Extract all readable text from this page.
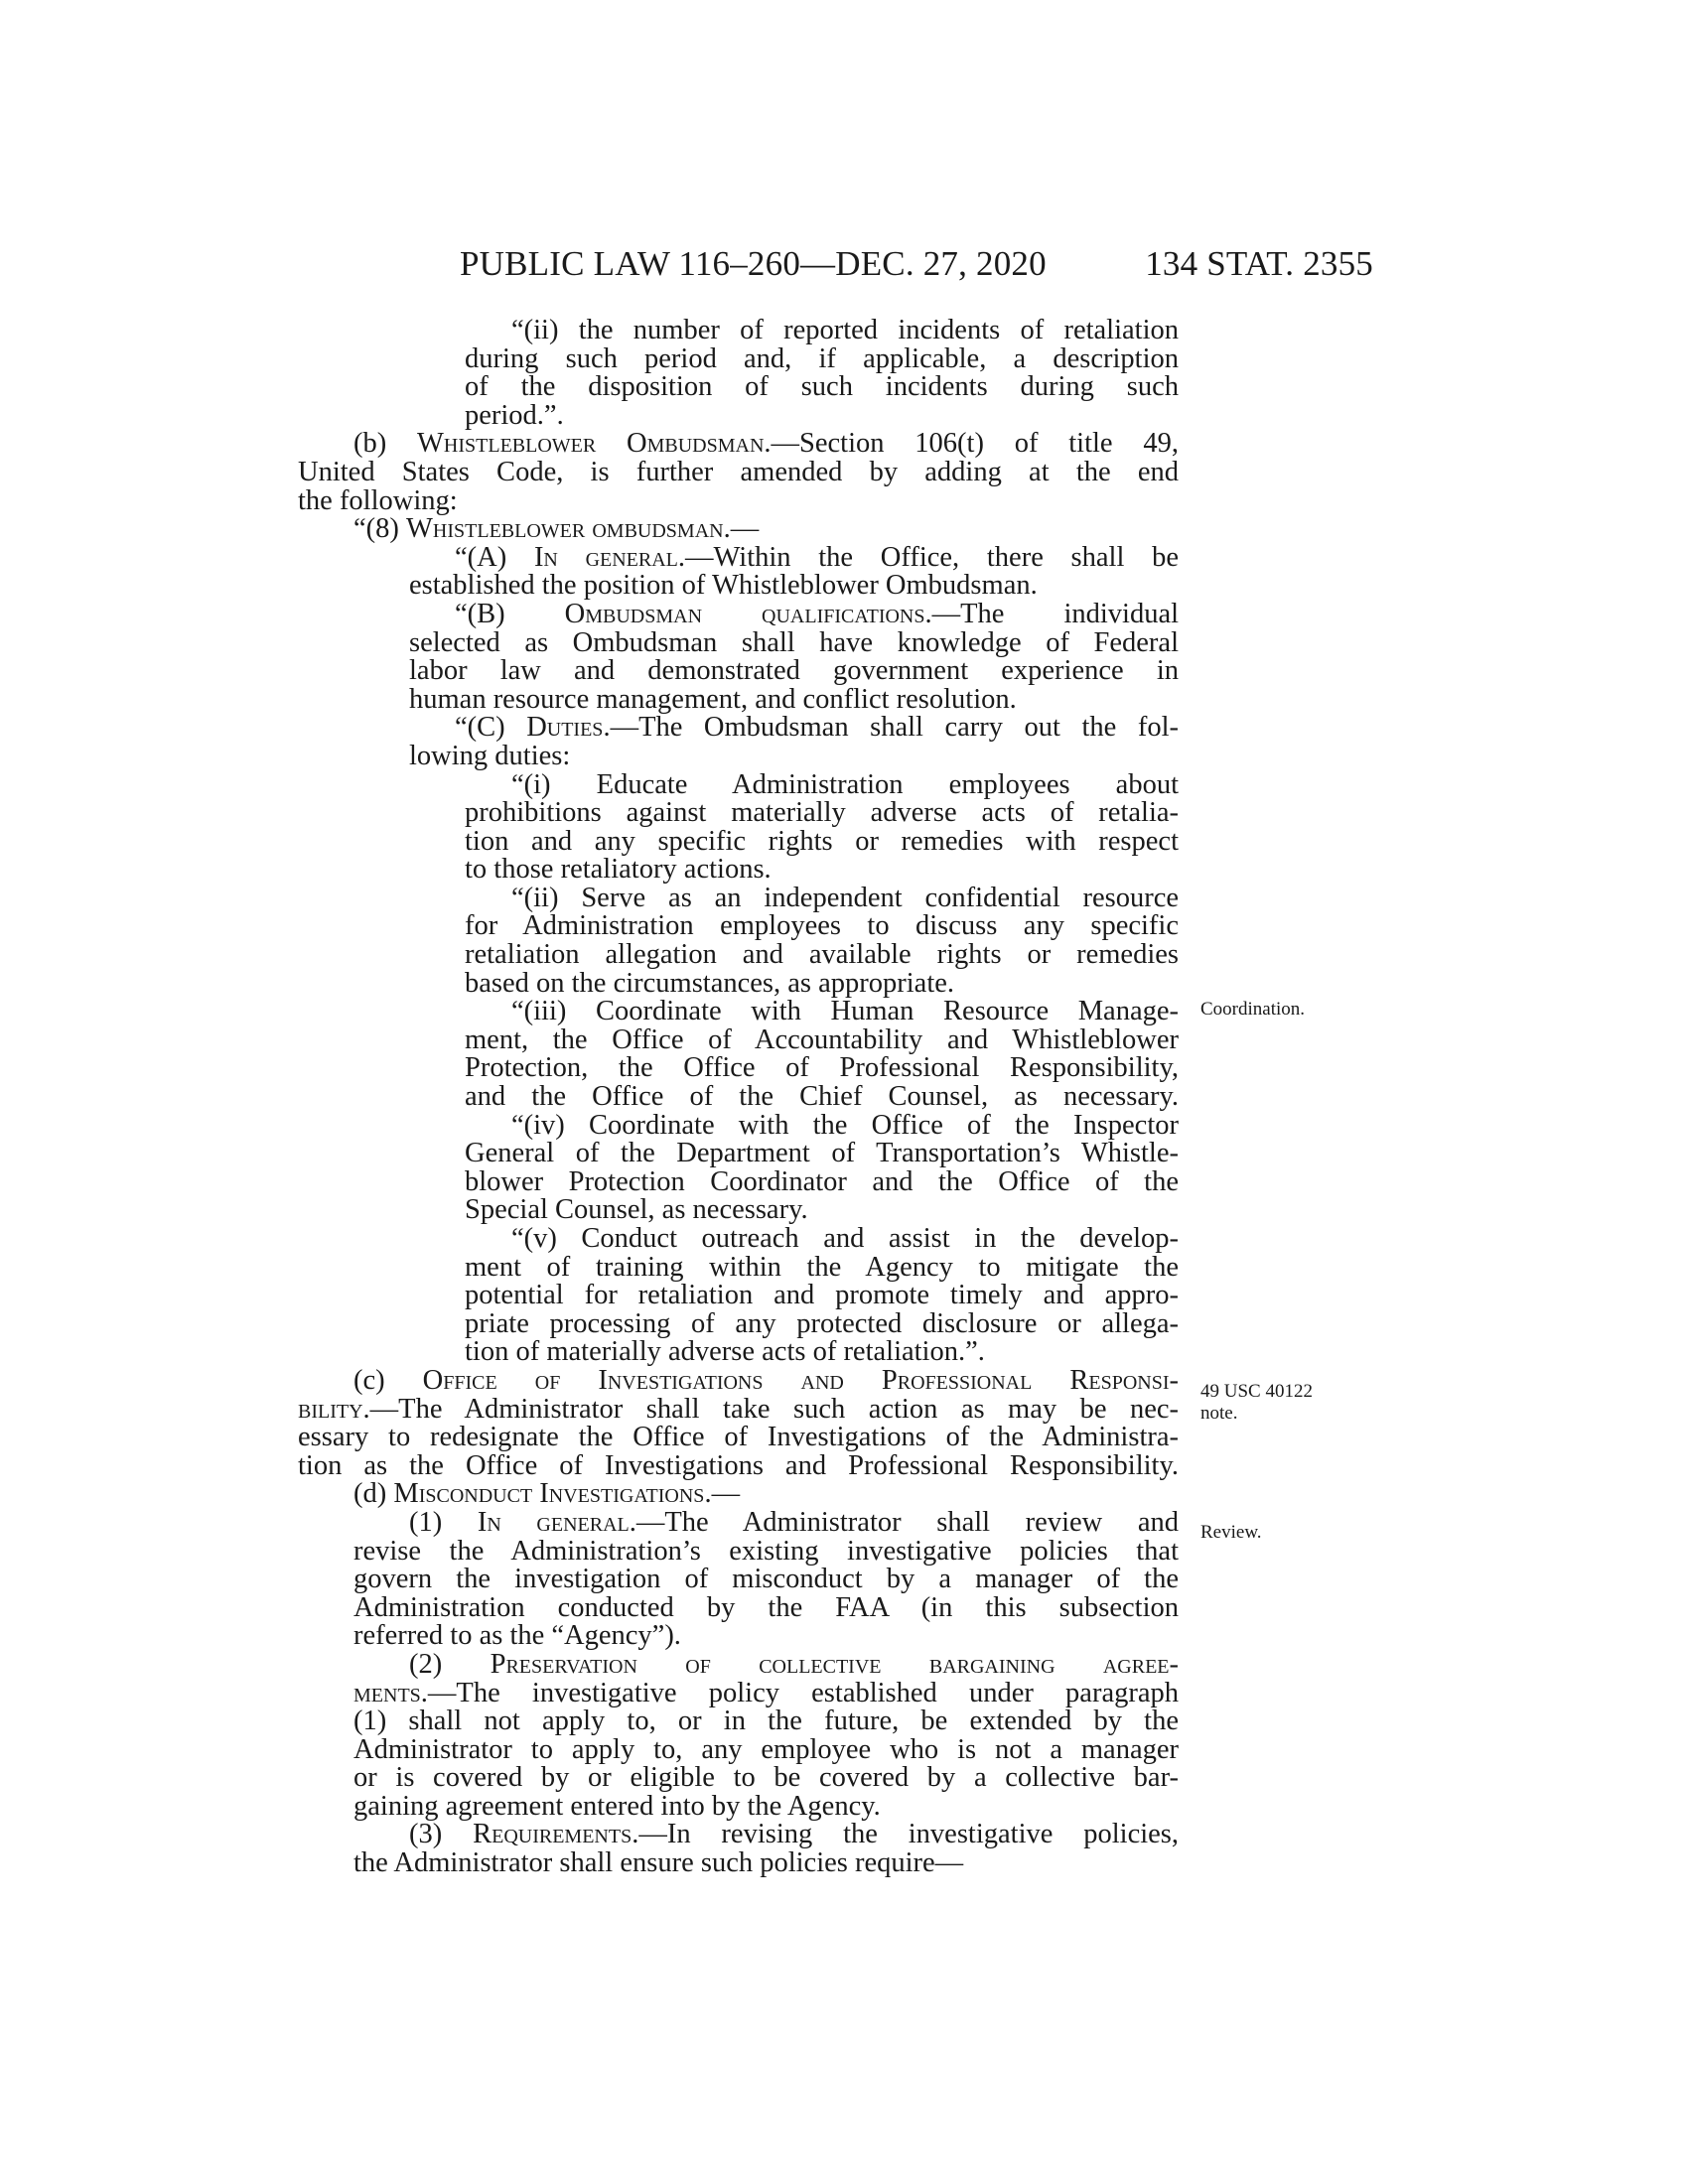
PUBLIC LAW 116–260—DEC. 27, 2020	134 STAT. 2355
Coordination.
49 USC 40122
note.
Review.
“(ii) the number of reported incidents of retaliation
during such period and, if applicable, a description
of the disposition of such incidents during such
period.”.
(b) Whistleblower Ombudsman.—Section 106(t) of title 49,
United States Code, is further amended by adding at the end
the following:
“(8) Whistleblower ombudsman.—
“(A) In general.—Within the Office, there shall be
established the position of Whistleblower Ombudsman.
“(B) Ombudsman qualifications.—The individual
selected as Ombudsman shall have knowledge of Federal
labor law and demonstrated government experience in
human resource management, and conflict resolution.
“(C) Duties.—The Ombudsman shall carry out the fol-
lowing duties:
“(i) Educate Administration employees about
prohibitions against materially adverse acts of retalia-
tion and any specific rights or remedies with respect
to those retaliatory actions.
“(ii) Serve as an independent confidential resource
for Administration employees to discuss any specific
retaliation allegation and available rights or remedies
based on the circumstances, as appropriate.
“(iii) Coordinate with Human Resource Manage-
ment, the Office of Accountability and Whistleblower
Protection, the Office of Professional Responsibility,
and the Office of the Chief Counsel, as necessary.
“(iv) Coordinate with the Office of the Inspector
General of the Department of Transportation’s Whistle-
blower Protection Coordinator and the Office of the
Special Counsel, as necessary.
“(v) Conduct outreach and assist in the develop-
ment of training within the Agency to mitigate the
potential for retaliation and promote timely and appro-
priate processing of any protected disclosure or allega-
tion of materially adverse acts of retaliation.”.
(c) Office of Investigations and Professional Responsi-
bility.—The Administrator shall take such action as may be nec-
essary to redesignate the Office of Investigations of the Administra-
tion as the Office of Investigations and Professional Responsibility.
(d) Misconduct Investigations.—
(1) In general.—The Administrator shall review and
revise the Administration’s existing investigative policies that
govern the investigation of misconduct by a manager of the
Administration conducted by the FAA (in this subsection
referred to as the “Agency”).
(2) Preservation of collective bargaining agree-
ments.—The investigative policy established under paragraph
(1) shall not apply to, or in the future, be extended by the
Administrator to apply to, any employee who is not a manager
or is covered by or eligible to be covered by a collective bar-
gaining agreement entered into by the Agency.
(3) Requirements.—In revising the investigative policies,
the Administrator shall ensure such policies require—
